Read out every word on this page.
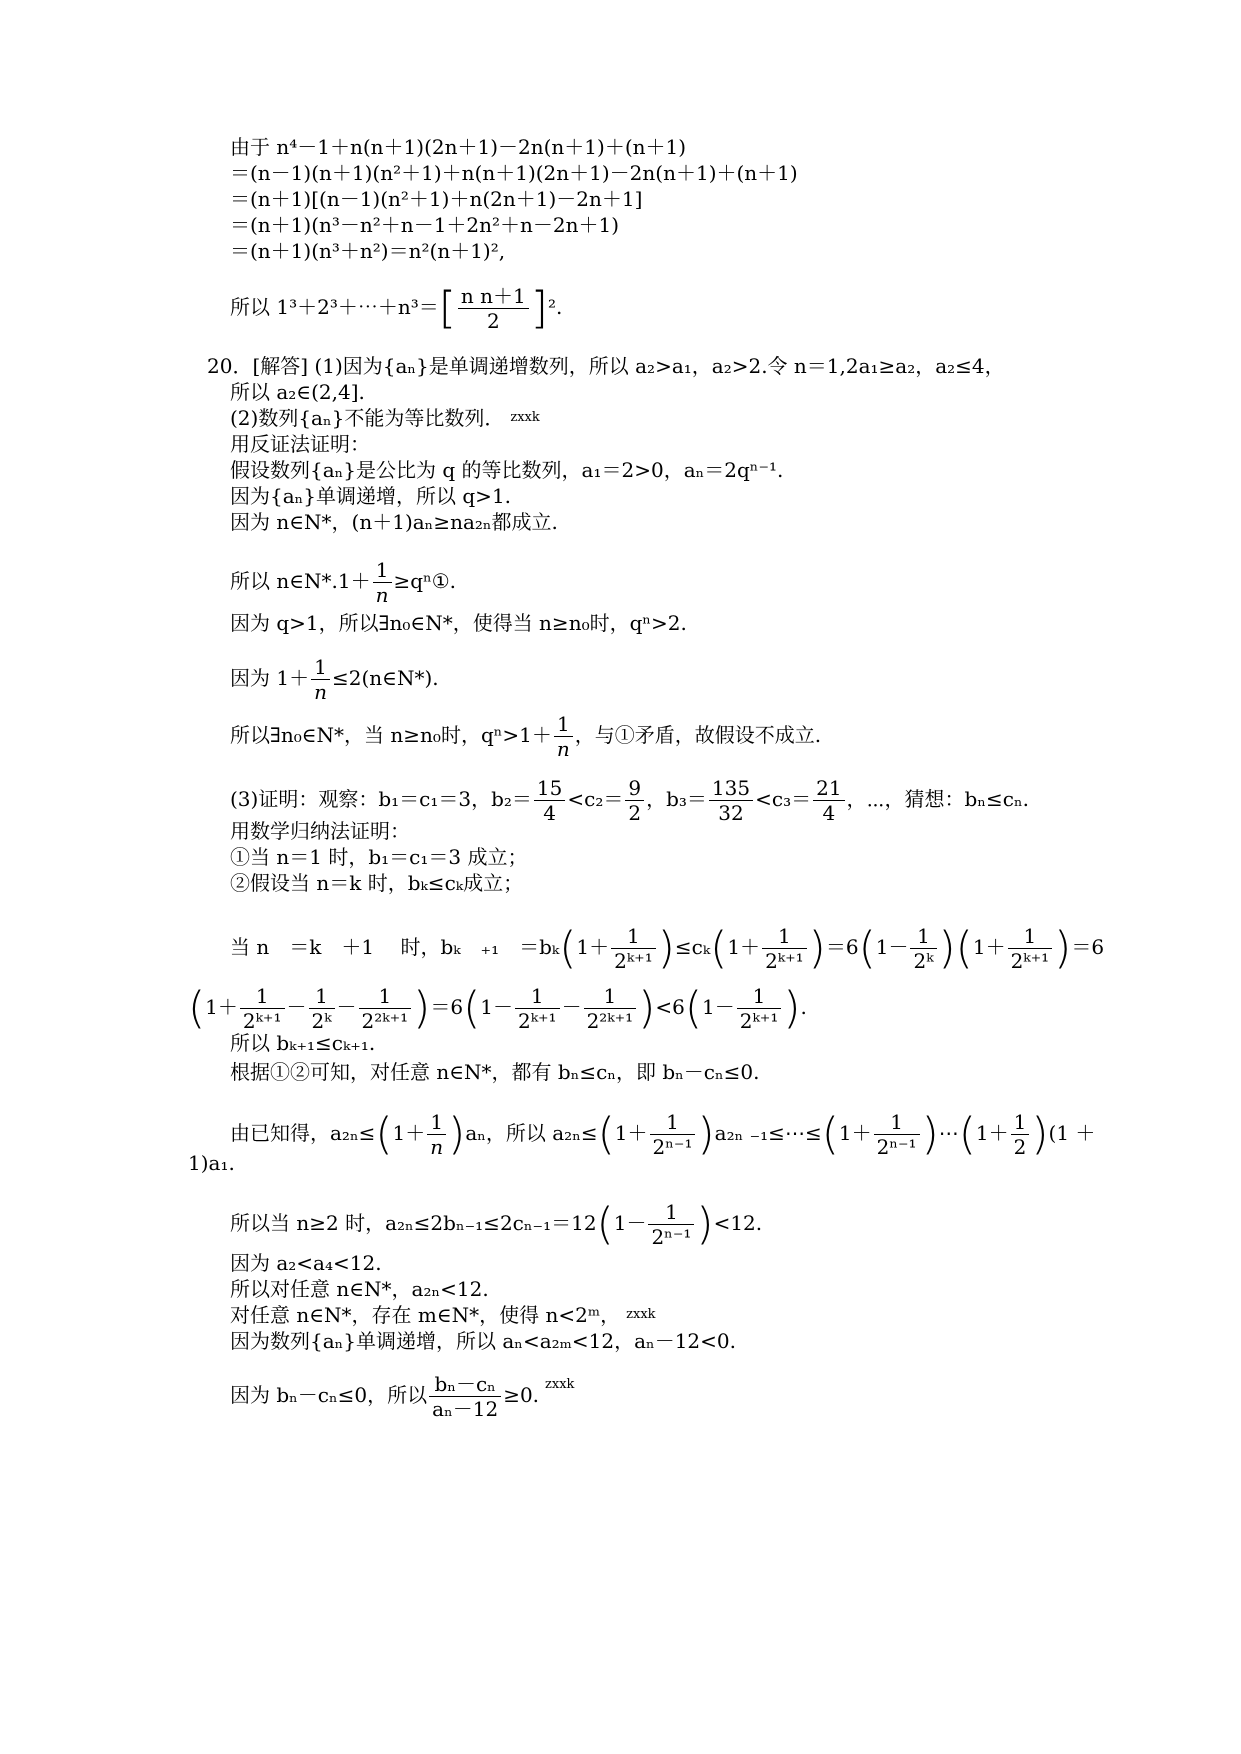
由于 n⁴－1＋n(n＋1)(2n＋1)－2n(n＋1)＋(n＋1)
＝(n－1)(n＋1)(n²＋1)＋n(n＋1)(2n＋1)－2n(n＋1)＋(n＋1)
＝(n＋1)[(n－1)(n²＋1)＋n(2n＋1)－2n＋1]
＝(n＋1)(n³－n²＋n－1＋2n²＋n－2n＋1)
＝(n＋1)(n³＋n²)＝n²(n＋1)²,
所以 1³＋2³＋⋯＋n³＝[ $\frac{\text{n n＋1}}{2} ]^2$.
20．[解答] (1)因为{aₙ}是单调递增数列，所以 a₂>a₁，a₂>2.令 n＝1,2a₁≥a₂，a₂≤4，
所以 a₂∈(2,4].
(2)数列{aₙ}不能为等比数列． $^{zxxk}$
用反证法证明：
假设数列{aₙ}是公比为 q 的等比数列，a₁＝2>0，aₙ＝2qⁿ⁻¹.
因为{aₙ}单调递增，所以 q>1.
因为 n∈N*，(n＋1)aₙ≥na₂ₙ都成立.
所以 n∈N*.1＋ $\frac{1}{n}$ ≥qⁿ①.
因为 q>1，所以∃n₀∈N*，使得当 n≥n₀时，qⁿ>2.
因为 $1+ \frac{1}{n}$ ≤2(n∈N*).
所以∃n₀∈N*，当 n≥n₀时，$q^n>1+ \frac{1}{n}$ ，与①矛盾，故假设不成立.
(3)证明：观察：b₁＝c₁＝3，$b_2= \frac{15}{4} <c_2= \frac{9}{2}$ ，$b_3= \frac{135}{32} <c_3= \frac{21}{4}$ ，⋯，猜想：bₙ≤cₙ.
用数学归纳法证明：
①当 n＝1 时，b₁＝c₁＝3 成立；
②假设当 n＝k 时，bₖ≤cₖ成立；
当 n　＝k　＋1　 时，bₖ　₊₁　$=b_k(1+ \frac{1}{\text{2ᵏ⁺¹}} )\le c_k(1+ \frac{1}{\text{2ᵏ⁺¹}} )=6(1- \frac{1}{\text{2ᵏ}} )(1+ \frac{1}{\text{2ᵏ⁺¹}} )=6$
$(1+ \frac{1}{\text{2ᵏ⁺¹}} - \frac{1}{\text{2ᵏ}} - \frac{1}{\text{2²ᵏ⁺¹}} )=6(1- \frac{1}{\text{2ᵏ⁺¹}} - \frac{1}{\text{2²ᵏ⁺¹}} )<6(1- \frac{1}{\text{2ᵏ⁺¹}}$ ).
所以 bₖ₊₁≤cₖ₊₁.
根据①②可知，对任意 n∈N*，都有 bₙ≤cₙ，即 bₙ－cₙ≤0.
由已知得，$a_{2n}\le(1+ \frac{1}{n} )a_n$，所以 $a_{2n}\le(1+ \frac{1}{\text{2ⁿ⁻¹}} )a_{2n}$ ₋₁≤⋯≤(1＋ $\frac{1}{\text{2ⁿ⁻¹}}$ )⋯(1＋ $\frac{1}{2} )(1$ ＋
1)a₁.
所以当 n≥2 时，$a_{2n}\le 2b_{n-1}\le 2c_{n-1}=12(1- \frac{1}{\text{2ⁿ⁻¹}} )<12$.
因为 a₂<a₄<12.
所以对任意 n∈N*，a₂ₙ<12.
对任意 n∈N*，存在 m∈N*，使得 n<2ᵐ， $^{zxxk}$
因为数列{aₙ}单调递增，所以 aₙ<a₂ₘ<12，aₙ－12<0.
因为 bₙ－cₙ≤0，所以 $\frac{\text{bₙ－cₙ}}{\text{aₙ－12}} \ge 0$. $^{zxxk}$
